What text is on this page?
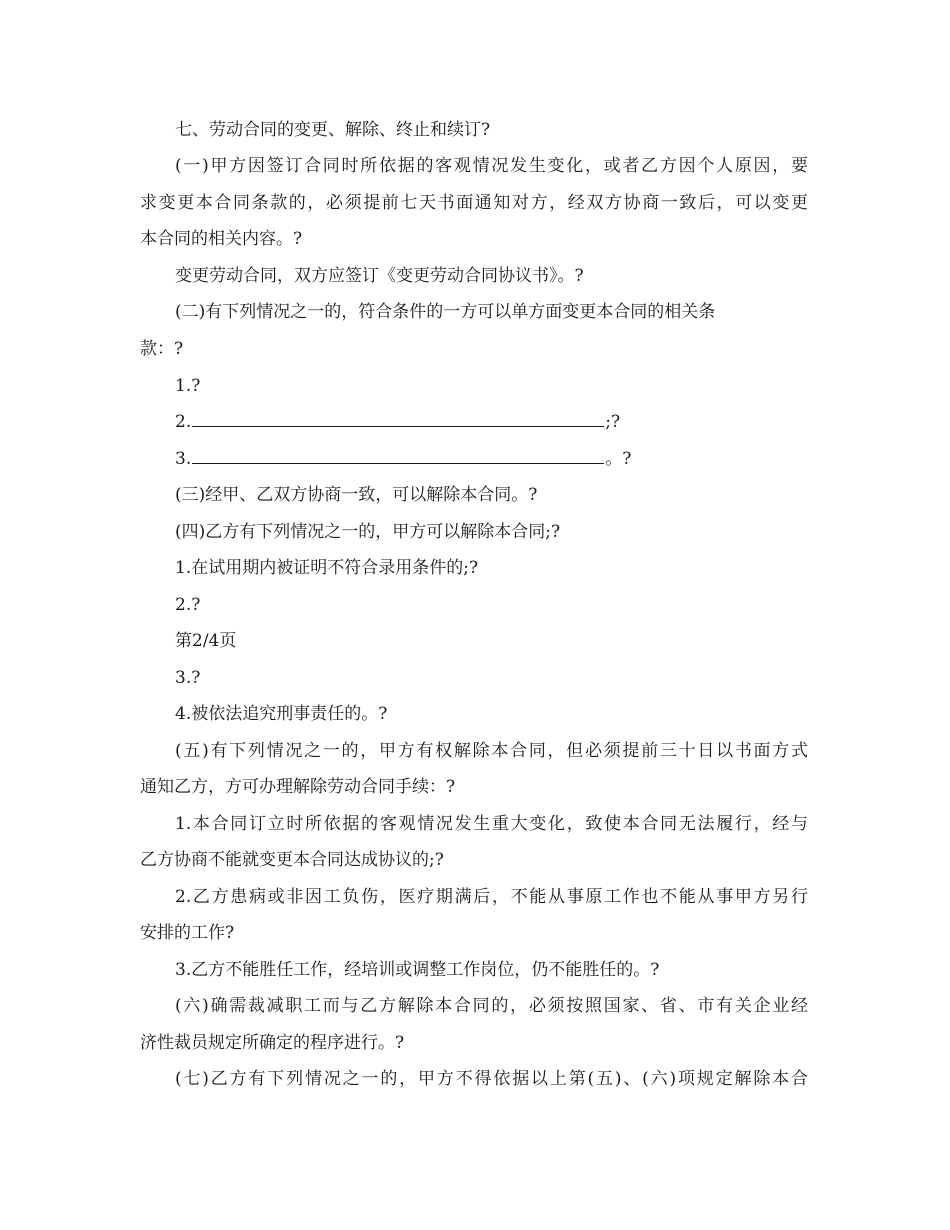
七、劳动合同的变更、解除、终止和续订?
(一)甲方因签订合同时所依据的客观情况发生变化，或者乙方因个人原因，要
求变更本合同条款的，必须提前七天书面通知对方，经双方协商一致后，可以变更
本合同的相关内容。?
变更劳动合同，双方应签订《变更劳动合同协议书》。?
(二)有下列情况之一的，符合条件的一方可以单方面变更本合同的相关条
款：?
1.?
2.	;?
3.	。?
(三)经甲、乙双方协商一致，可以解除本合同。?
(四)乙方有下列情况之一的，甲方可以解除本合同;?
1.在试用期内被证明不符合录用条件的;?
2.?
第2/4页
3.?
4.被依法追究刑事责任的。?
(五)有下列情况之一的，甲方有权解除本合同，但必须提前三十日以书面方式
通知乙方，方可办理解除劳动合同手续：?
1.本合同订立时所依据的客观情况发生重大变化，致使本合同无法履行，经与
乙方协商不能就变更本合同达成协议的;?
2.乙方患病或非因工负伤，医疗期满后，不能从事原工作也不能从事甲方另行
安排的工作?
3.乙方不能胜任工作，经培训或调整工作岗位，仍不能胜任的。?
(六)确需裁减职工而与乙方解除本合同的，必须按照国家、省、市有关企业经
济性裁员规定所确定的程序进行。?
(七)乙方有下列情况之一的，甲方不得依据以上第(五)、(六)项规定解除本合
